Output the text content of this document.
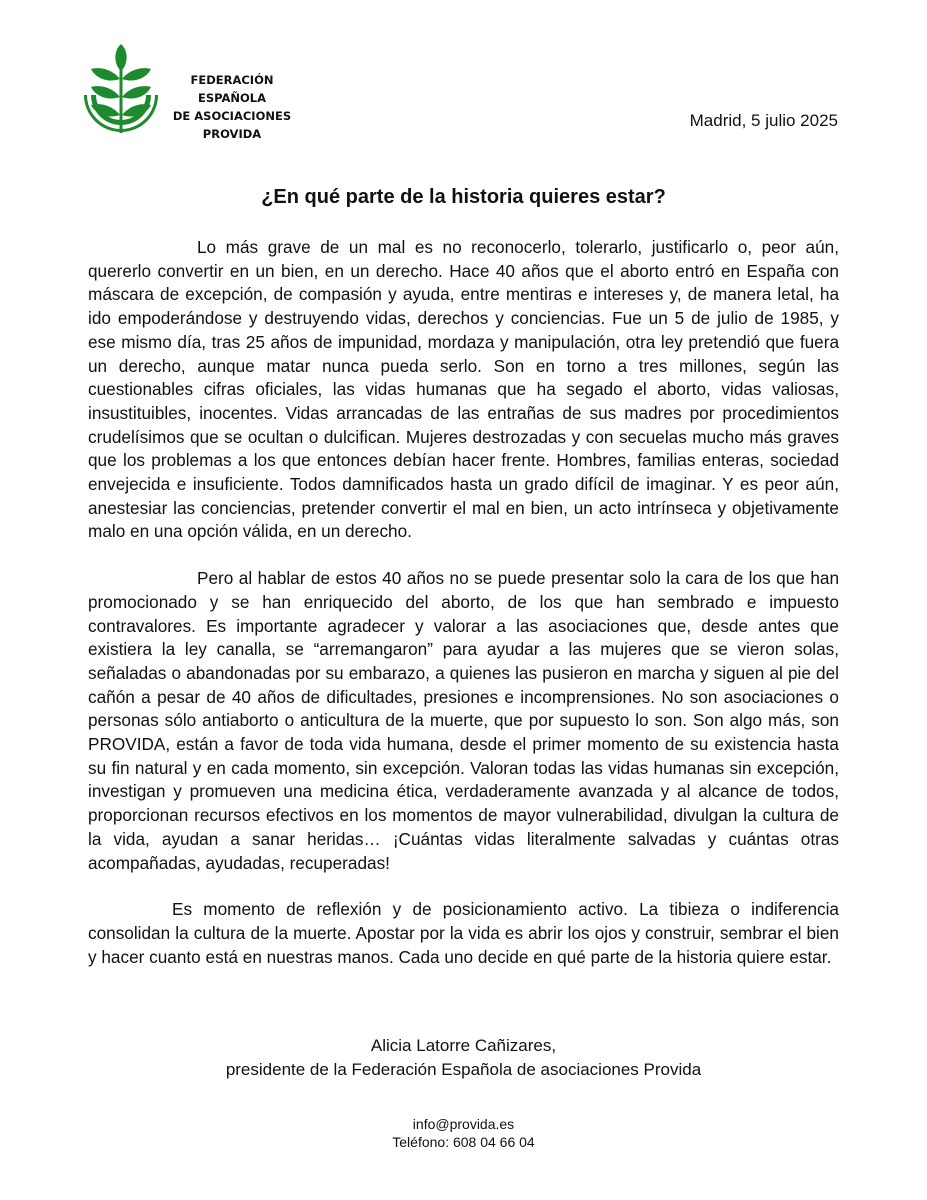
FEDERACIÓN ESPAÑOLA
DE ASOCIACIONES
PROVIDA
Madrid, 5 julio 2025
¿En qué parte de la historia quieres estar?

Lo más grave de un mal es no reconocerlo, tolerarlo, justificarlo o, peor aún, quererlo convertir en un bien, en un derecho. Hace 40 años que el aborto entró en España con máscara de excepción, de compasión y ayuda, entre mentiras e intereses y, de manera letal, ha ido empoderándose y destruyendo vidas, derechos y conciencias. Fue un 5 de julio de 1985, y ese mismo día, tras 25 años de impunidad, mordaza y manipulación, otra ley pretendió que fuera un derecho, aunque matar nunca pueda serlo. Son en torno a tres millones, según las cuestionables cifras oficiales, las vidas humanas que ha segado el aborto, vidas valiosas, insustituibles, inocentes. Vidas arrancadas de las entrañas de sus madres por procedimientos crudelísimos que se ocultan o dulcifican. Mujeres destrozadas y con secuelas mucho más graves que los problemas a los que entonces debían hacer frente. Hombres, familias enteras, sociedad envejecida e insuficiente. Todos damnificados hasta un grado difícil de imaginar. Y es peor aún, anestesiar las conciencias, pretender convertir el mal en bien, un acto intrínseca y objetivamente malo en una opción válida, en un derecho.

Pero al hablar de estos 40 años no se puede presentar solo la cara de los que han promocionado y se han enriquecido del aborto, de los que han sembrado e impuesto contravalores. Es importante agradecer y valorar a las asociaciones que, desde antes que existiera la ley canalla, se “arremangaron” para ayudar a las mujeres que se vieron solas, señaladas o abandonadas por su embarazo, a quienes las pusieron en marcha y siguen al pie del cañón a pesar de 40 años de dificultades, presiones e incomprensiones. No son asociaciones o personas sólo antiaborto o anticultura de la muerte, que por supuesto lo son. Son algo más, son PROVIDA, están a favor de toda vida humana, desde el primer momento de su existencia hasta su fin natural y en cada momento, sin excepción. Valoran todas las vidas humanas sin excepción, investigan y promueven una medicina ética, verdaderamente avanzada y al alcance de todos, proporcionan recursos efectivos en los momentos de mayor vulnerabilidad, divulgan la cultura de la vida, ayudan a sanar heridas… ¡Cuántas vidas literalmente salvadas y cuántas otras acompañadas, ayudadas, recuperadas!

Es momento de reflexión y de posicionamiento activo. La tibieza o indiferencia consolidan la cultura de la muerte. Apostar por la vida es abrir los ojos y construir, sembrar el bien y hacer cuanto está en nuestras manos. Cada uno decide en qué parte de la historia quiere estar.

Alicia Latorre Cañizares,
presidente de la Federación Española de asociaciones Provida
info@provida.es
Teléfono: 608 04 66 04
